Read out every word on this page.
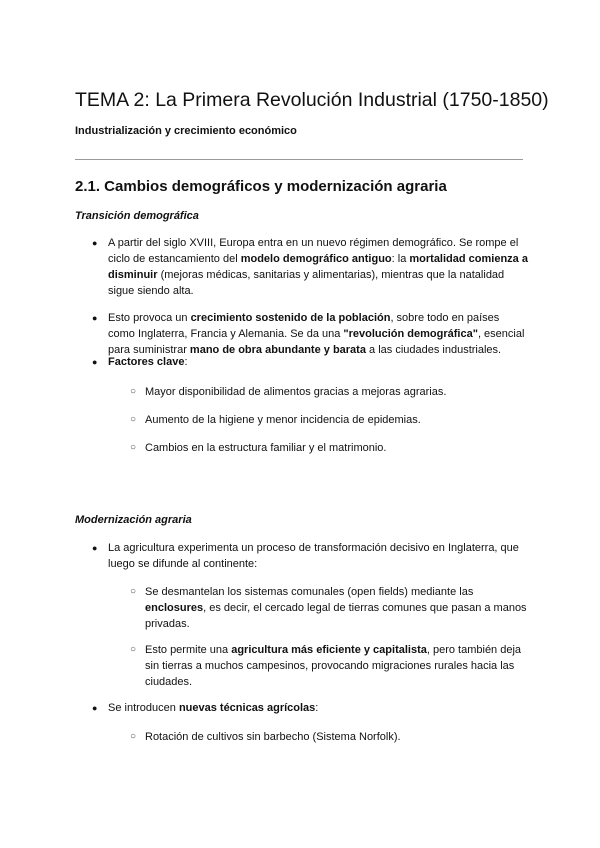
TEMA 2: La Primera Revolución Industrial (1750-1850)
Industrialización y crecimiento económico
2.1. Cambios demográficos y modernización agraria
Transición demográfica
● A partir del siglo XVIII, Europa entra en un nuevo régimen demográfico. Se rompe el ciclo de estancamiento del modelo demográfico antiguo: la mortalidad comienza a disminuir (mejoras médicas, sanitarias y alimentarias), mientras que la natalidad sigue siendo alta.
● Esto provoca un crecimiento sostenido de la población, sobre todo en países como Inglaterra, Francia y Alemania. Se da una "revolución demográfica", esencial para suministrar mano de obra abundante y barata a las ciudades industriales.
● Factores clave:
○ Mayor disponibilidad de alimentos gracias a mejoras agrarias.
○ Aumento de la higiene y menor incidencia de epidemias.
○ Cambios en la estructura familiar y el matrimonio.
Modernización agraria
● La agricultura experimenta un proceso de transformación decisivo en Inglaterra, que luego se difunde al continente:
○ Se desmantelan los sistemas comunales (open fields) mediante las enclosures, es decir, el cercado legal de tierras comunes que pasan a manos privadas.
○ Esto permite una agricultura más eficiente y capitalista, pero también deja sin tierras a muchos campesinos, provocando migraciones rurales hacia las ciudades.
● Se introducen nuevas técnicas agrícolas:
○ Rotación de cultivos sin barbecho (Sistema Norfolk).
